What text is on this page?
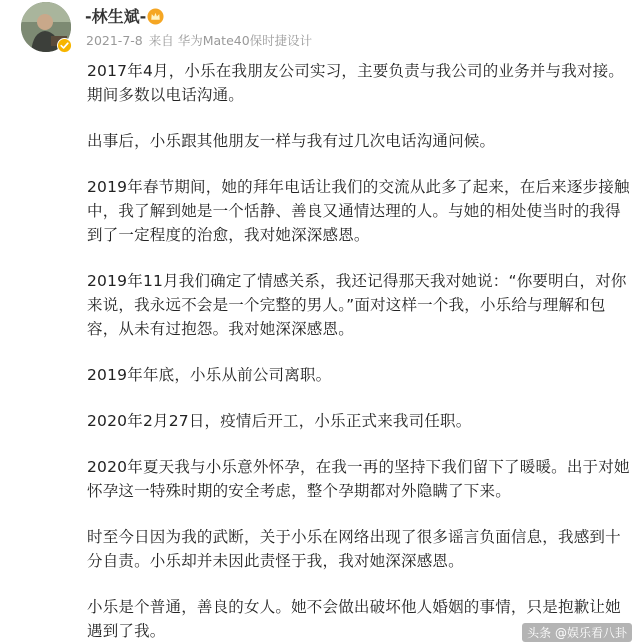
-林生斌-
2021-7-8 来自 华为Mate40保时捷设计

2017年4月，小乐在我朋友公司实习，主要负责与我公司的业务并与我对接。期间多数以电话沟通。

出事后，小乐跟其他朋友一样与我有过几次电话沟通问候。

2019年春节期间，她的拜年电话让我们的交流从此多了起来，在后来逐步接触中，我了解到她是一个恬静、善良又通情达理的人。与她的相处使当时的我得到了一定程度的治愈，我对她深深感恩。

2019年11月我们确定了情感关系，我还记得那天我对她说：“你要明白，对你来说，我永远不会是一个完整的男人。”面对这样一个我，小乐给与理解和包容，从未有过抱怨。我对她深深感恩。

2019年年底，小乐从前公司离职。

2020年2月27日，疫情后开工，小乐正式来我司任职。

2020年夏天我与小乐意外怀孕，在我一再的坚持下我们留下了暖暖。出于对她怀孕这一特殊时期的安全考虑，整个孕期都对外隐瞒了下来。

时至今日因为我的武断，关于小乐在网络出现了很多谣言负面信息，我感到十分自责。小乐却并未因此责怪于我，我对她深深感恩。

小乐是个普通，善良的女人。她不会做出破坏他人婚姻的事情，只是抱歉让她遇到了我。	头条 @娱乐看八卦
